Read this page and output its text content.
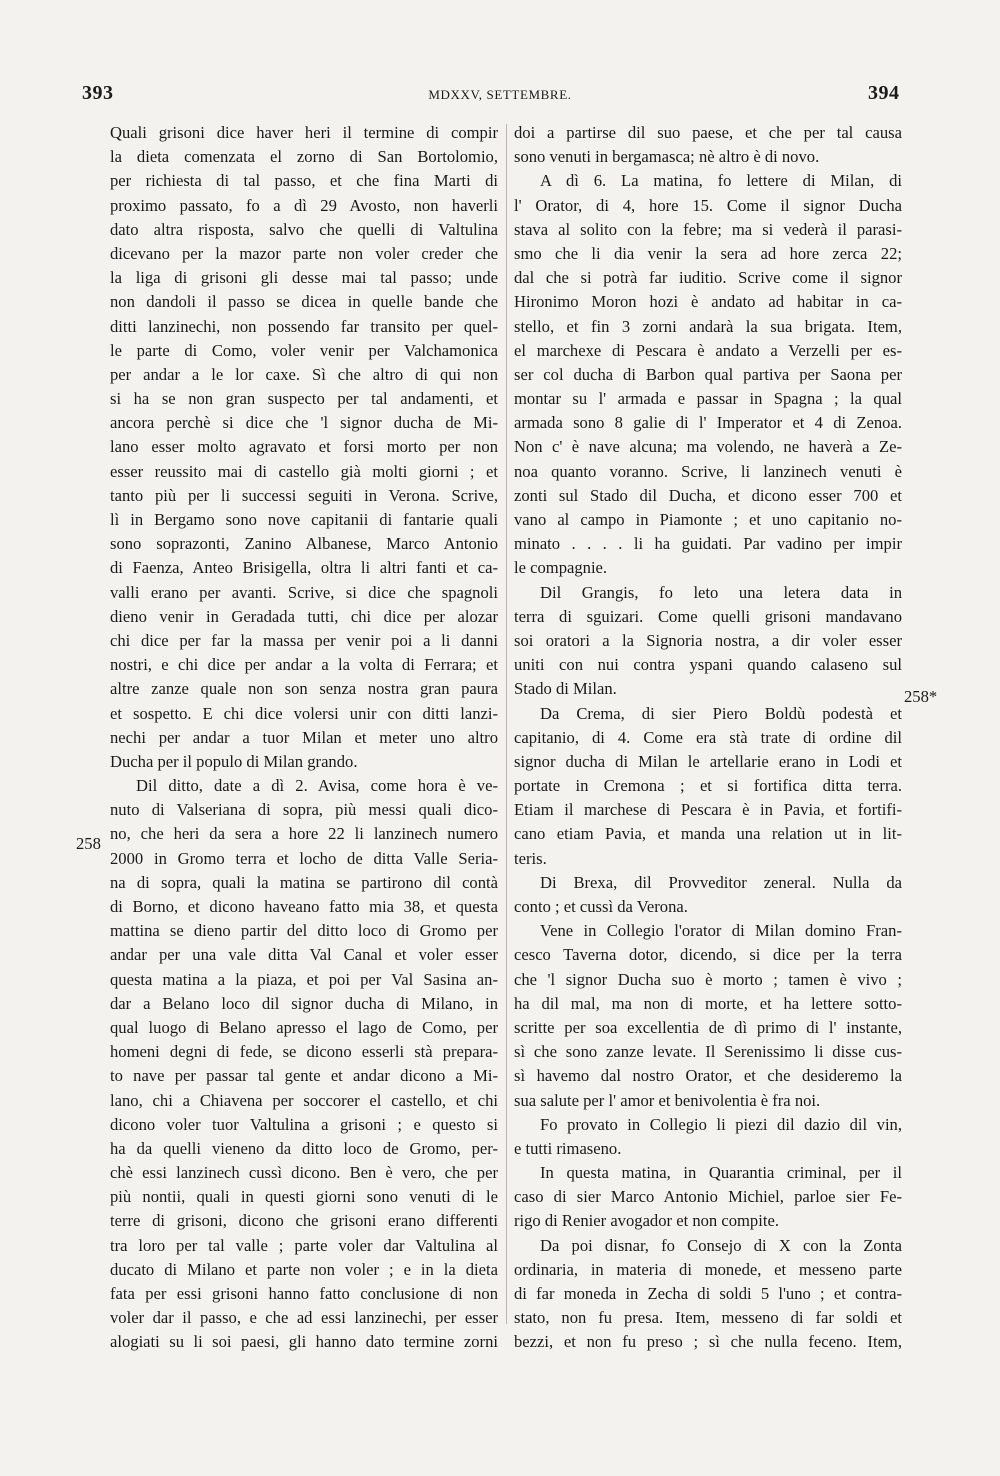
393	MDXXV, SETTEMBRE.	394
Quali grisoni dice haver heri il termine di compir
la dieta comenzata el zorno di San Bortolomio,
per richiesta di tal passo, et che fina Marti di
proximo passato, fo a dì 29 Avosto, non haverli
dato altra risposta, salvo che quelli di Valtulina
dicevano per la mazor parte non voler creder che
la liga di grisoni gli desse mai tal passo; unde
non dandoli il passo se dicea in quelle bande che
ditti lanzinechi, non possendo far transito per quel-
le parte di Como, voler venir per Valchamonica
per andar a le lor caxe. Sì che altro di qui non
si ha se non gran suspecto per tal andamenti, et
ancora perchè si dice che 'l signor ducha de Mi-
lano esser molto agravato et forsi morto per non
esser reussito mai di castello già molti giorni ; et
tanto più per li successi seguiti in Verona. Scrive,
lì in Bergamo sono nove capitanii di fantarie quali
sono soprazonti, Zanino Albanese, Marco Antonio
di Faenza, Anteo Brisigella, oltra li altri fanti et ca-
valli erano per avanti. Scrive, si dice che spagnoli
dieno venir in Geradada tutti, chi dice per alozar
chi dice per far la massa per venir poi a li danni
nostri, e chi dice per andar a la volta di Ferrara; et
altre zanze quale non son senza nostra gran paura
et sospetto. E chi dice volersi unir con ditti lanzi-
nechi per andar a tuor Milan et meter uno altro
Ducha per il populo di Milan grando.
Dil ditto, date a dì 2. Avisa, come hora è ve-
nuto di Valseriana di sopra, più messi quali dico-
no, che heri da sera a hore 22 li lanzinech numero
2000 in Gromo terra et locho de ditta Valle Seria-
na di sopra, quali la matina se partirono dil contà
di Borno, et dicono haveano fatto mia 38, et questa
mattina se dieno partir del ditto loco di Gromo per
andar per una vale ditta Val Canal et voler esser
questa matina a la piaza, et poi per Val Sasina an-
dar a Belano loco dil signor ducha di Milano, in
qual luogo di Belano apresso el lago de Como, per
homeni degni di fede, se dicono esserli stà prepara-
to nave per passar tal gente et andar dicono a Mi-
lano, chi a Chiavena per soccorer el castello, et chi
dicono voler tuor Valtulina a grisoni ; e questo si
ha da quelli vieneno da ditto loco de Gromo, per-
chè essi lanzinech cussì dicono. Ben è vero, che per
più nontii, quali in questi giorni sono venuti di le
terre di grisoni, dicono che grisoni erano differenti
tra loro per tal valle ; parte voler dar Valtulina al
ducato di Milano et parte non voler ; e in la dieta
fata per essi grisoni hanno fatto conclusione di non
voler dar il passo, e che ad essi lanzinechi, per esser
alogiati su li soi paesi, gli hanno dato termine zorni
doi a partirse dil suo paese, et che per tal causa
sono venuti in bergamasca; nè altro è di novo.
A dì 6. La matina, fo lettere di Milan, di
l' Orator, di 4, hore 15. Come il signor Ducha
stava al solito con la febre; ma si vederà il parasi-
smo che li dia venir la sera ad hore zerca 22;
dal che si potrà far iuditio. Scrive come il signor
Hironimo Moron hozi è andato ad habitar in ca-
stello, et fin 3 zorni andarà la sua brigata. Item,
el marchexe di Pescara è andato a Verzelli per es-
ser col ducha di Barbon qual partiva per Saona per
montar su l' armada e passar in Spagna ; la qual
armada sono 8 galie di l' Imperator et 4 di Zenoa.
Non c' è nave alcuna; ma volendo, ne haverà a Ze-
noa quanto voranno. Scrive, li lanzinech venuti è
zonti sul Stado dil Ducha, et dicono esser 700 et
vano al campo in Piamonte ; et uno capitanio no-
minato . . . . li ha guidati. Par vadino per impir
le compagnie.
Dil Grangis, fo leto una letera data in
terra di sguizari. Come quelli grisoni mandavano
soi oratori a la Signoria nostra, a dir voler esser
uniti con nui contra yspani quando calaseno sul
Stado di Milan.
Da Crema, di sier Piero Boldù podestà et
capitanio, di 4. Come era stà trate di ordine dil
signor ducha di Milan le artellarie erano in Lodi et
portate in Cremona ; et si fortifica ditta terra.
Etiam il marchese di Pescara è in Pavia, et fortifi-
cano etiam Pavia, et manda una relation ut in lit-
teris.
Di Brexa, dil Provveditor zeneral. Nulla da
conto ; et cussì da Verona.
Vene in Collegio l'orator di Milan domino Fran-
cesco Taverna dotor, dicendo, si dice per la terra
che 'l signor Ducha suo è morto ; tamen è vivo ;
ha dil mal, ma non di morte, et ha lettere sotto-
scritte per soa excellentia de dì primo di l' instante,
sì che sono zanze levate. Il Serenissimo li disse cus-
sì havemo dal nostro Orator, et che desideremo la
sua salute per l' amor et benivolentia è fra noi.
Fo provato in Collegio li piezi dil dazio dil vin,
e tutti rimaseno.
In questa matina, in Quarantia criminal, per il
caso di sier Marco Antonio Michiel, parloe sier Fe-
rigo di Renier avogador et non compite.
Da poi disnar, fo Consejo di X con la Zonta
ordinaria, in materia di monede, et messeno parte
di far moneda in Zecha di soldi 5 l'uno ; et contra-
stato, non fu presa. Item, messeno di far soldi et
bezzi, et non fu preso ; sì che nulla feceno. Item,
258
258*
